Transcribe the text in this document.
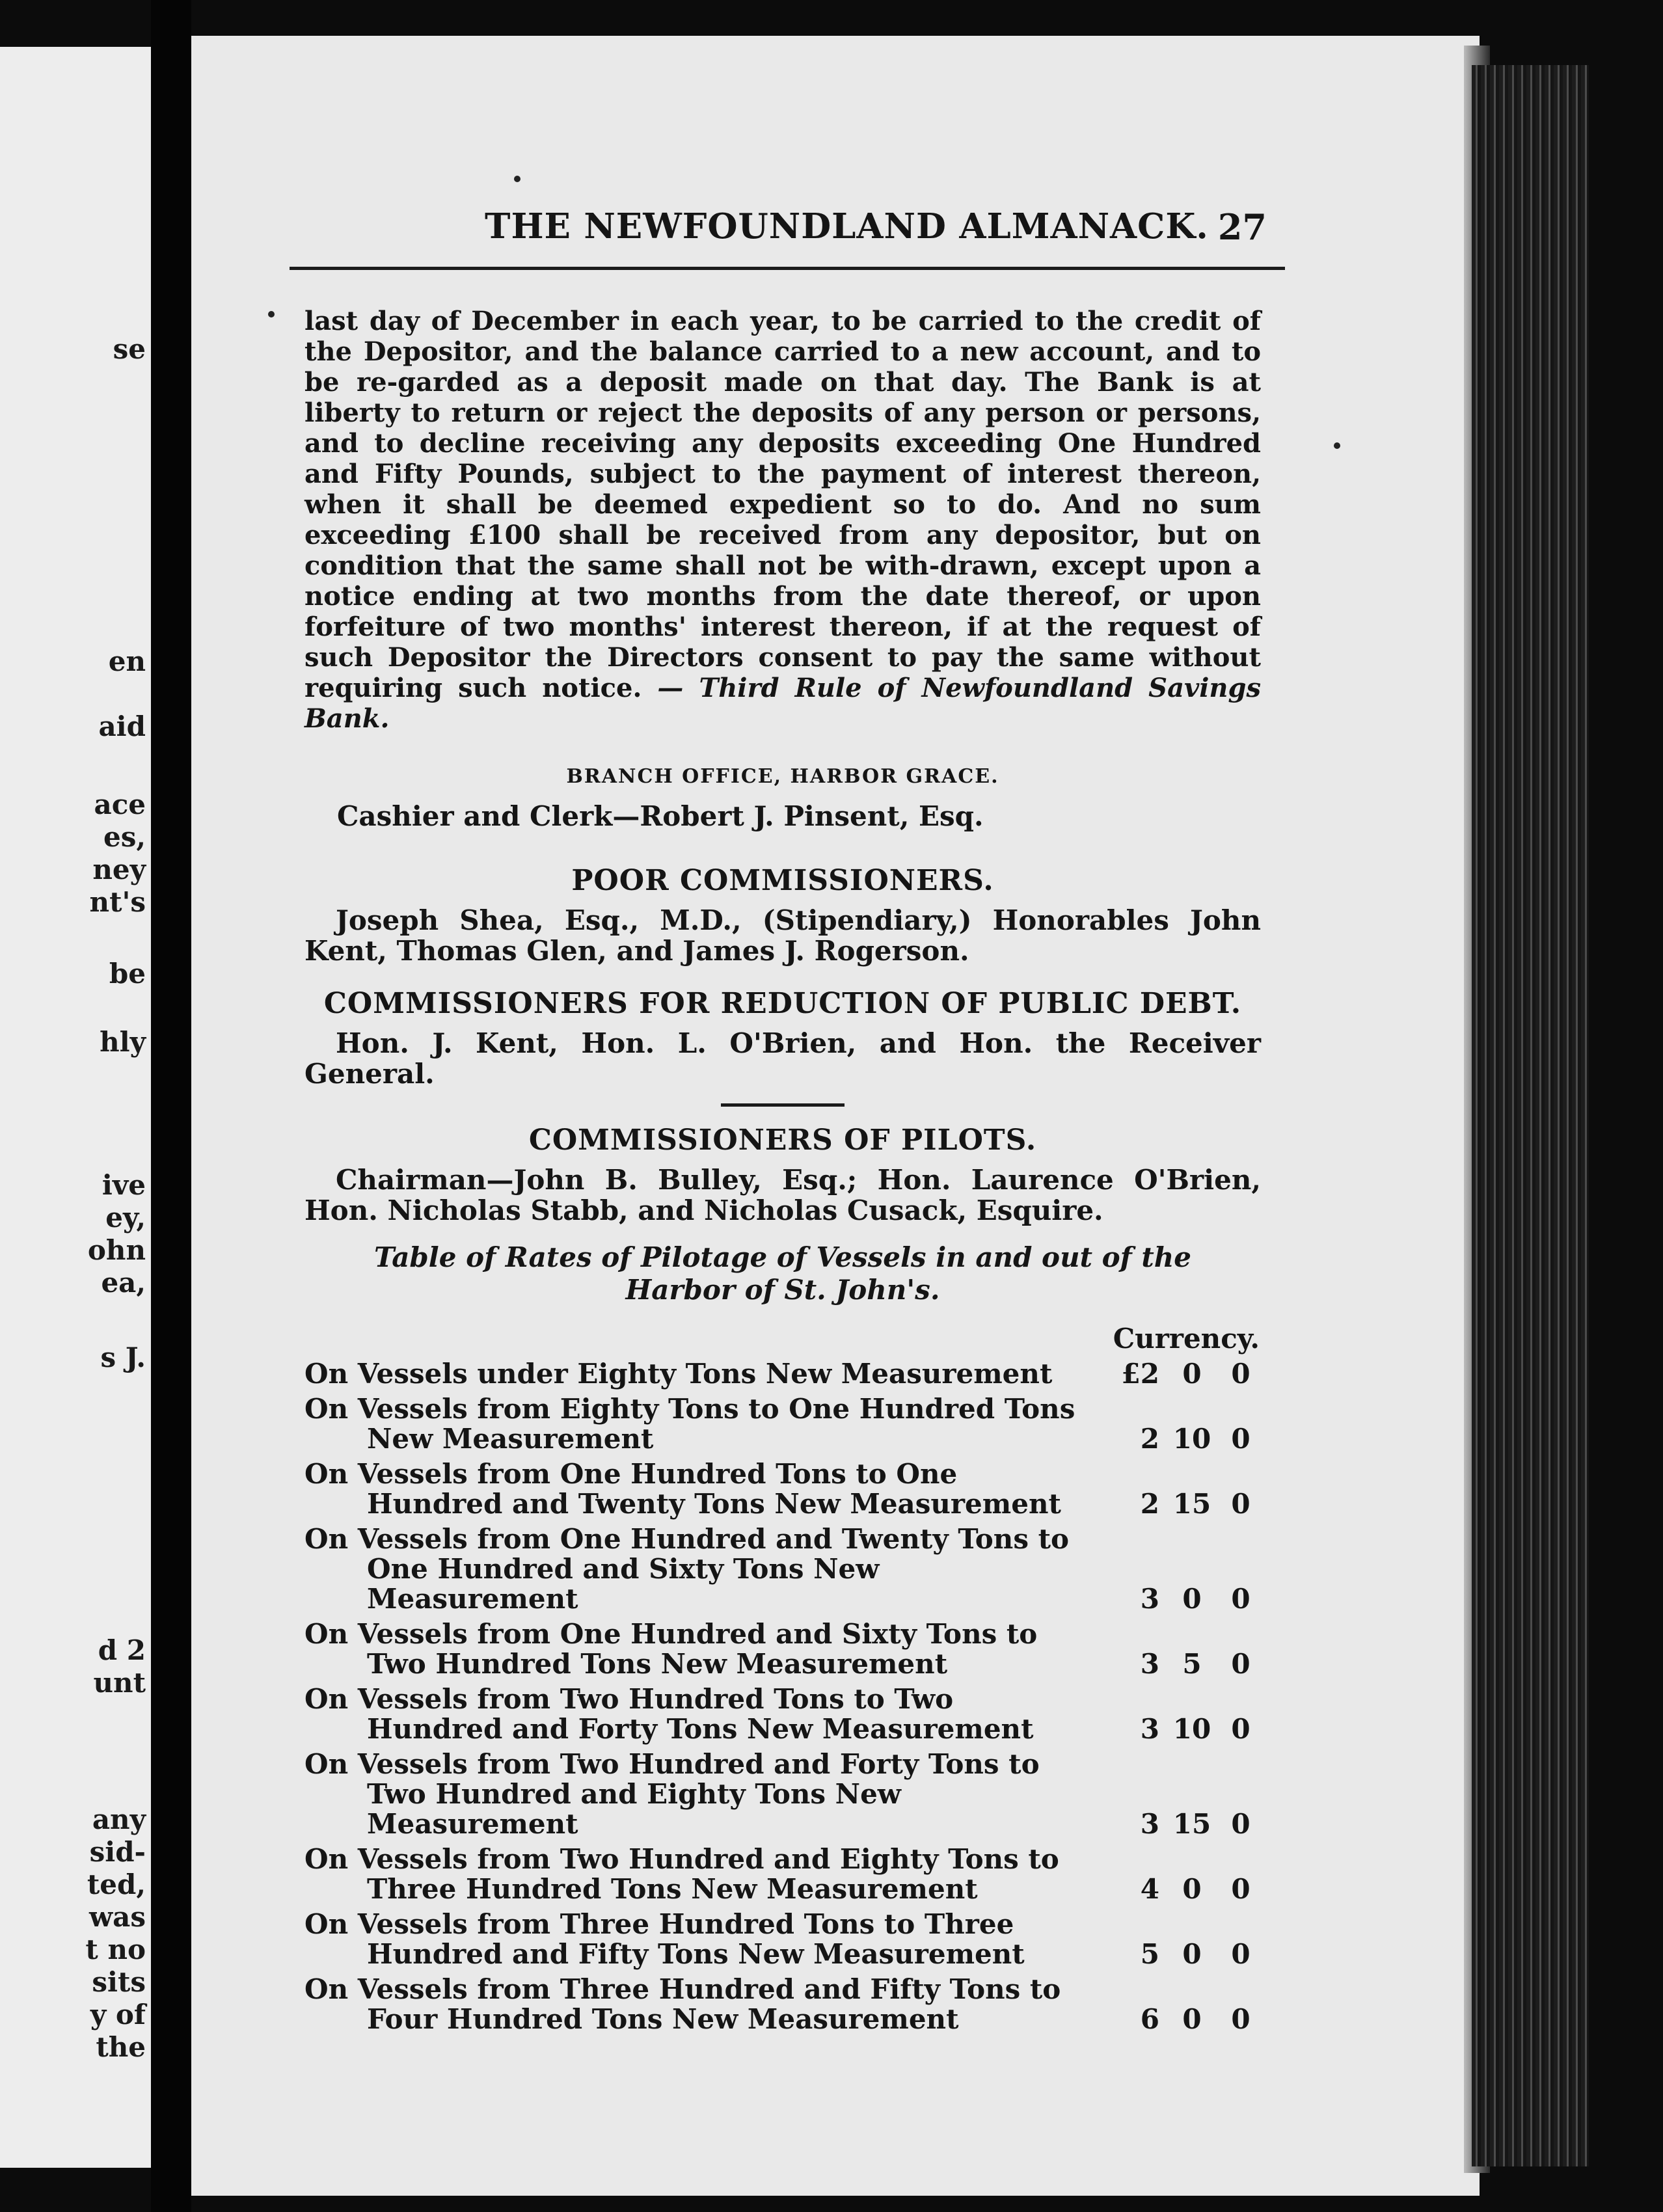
se
en
aid
ace
es,
ney
nt's
be
hly
ive
ey,
ohn
ea,
s J.
d 2
unt
any
sid-
ted,
was
t no
sits
y of
the
THE NEWFOUNDLAND ALMANACK. 27
last day of December in each year, to be carried to the credit of the Depositor, and the balance carried to a new account, and to be re-garded as a deposit made on that day. The Bank is at liberty to return or reject the deposits of any person or persons, and to decline receiving any deposits exceeding One Hundred and Fifty Pounds, subject to the payment of interest thereon, when it shall be deemed expedient so to do. And no sum exceeding £100 shall be received from any depositor, but on condition that the same shall not be with-drawn, except upon a notice ending at two months from the date thereof, or upon forfeiture of two months' interest thereon, if at the request of such Depositor the Directors consent to pay the same without requiring such notice. — Third Rule of Newfoundland Savings Bank.
BRANCH OFFICE, HARBOR GRACE.
Cashier and Clerk—Robert J. Pinsent, Esq.
POOR COMMISSIONERS.
Joseph Shea, Esq., M.D., (Stipendiary,) Honorables John Kent, Thomas Glen, and James J. Rogerson.
COMMISSIONERS FOR REDUCTION OF PUBLIC DEBT.
Hon. J. Kent, Hon. L. O'Brien, and Hon. the Receiver General.
COMMISSIONERS OF PILOTS.
Chairman—John B. Bulley, Esq.; Hon. Laurence O'Brien, Hon. Nicholas Stabb, and Nicholas Cusack, Esquire.
Table of Rates of Pilotage of Vessels in and out of the Harbor of St. John's.
Currency.
On Vessels under Eighty Tons New Measurement	£2 0	0
On Vessels from Eighty Tons to One Hundred Tons New Measurement	2 10 0
On Vessels from One Hundred Tons to One Hundred and Twenty Tons New Measurement	2 15 0
On Vessels from One Hundred and Twenty Tons to One Hundred and Sixty Tons New Measurement	3 0	0
On Vessels from One Hundred and Sixty Tons to Two Hundred Tons New Measurement	3 5	0
On Vessels from Two Hundred Tons to Two Hundred and Forty Tons New Measurement	3 10 0
On Vessels from Two Hundred and Forty Tons to Two Hundred and Eighty Tons New Measurement	3 15 0
On Vessels from Two Hundred and Eighty Tons to Three Hundred Tons New Measurement	4 0	0
On Vessels from Three Hundred Tons to Three Hundred and Fifty Tons New Measurement	5 0	0
On Vessels from Three Hundred and Fifty Tons to Four Hundred Tons New Measurement	6 0	0
